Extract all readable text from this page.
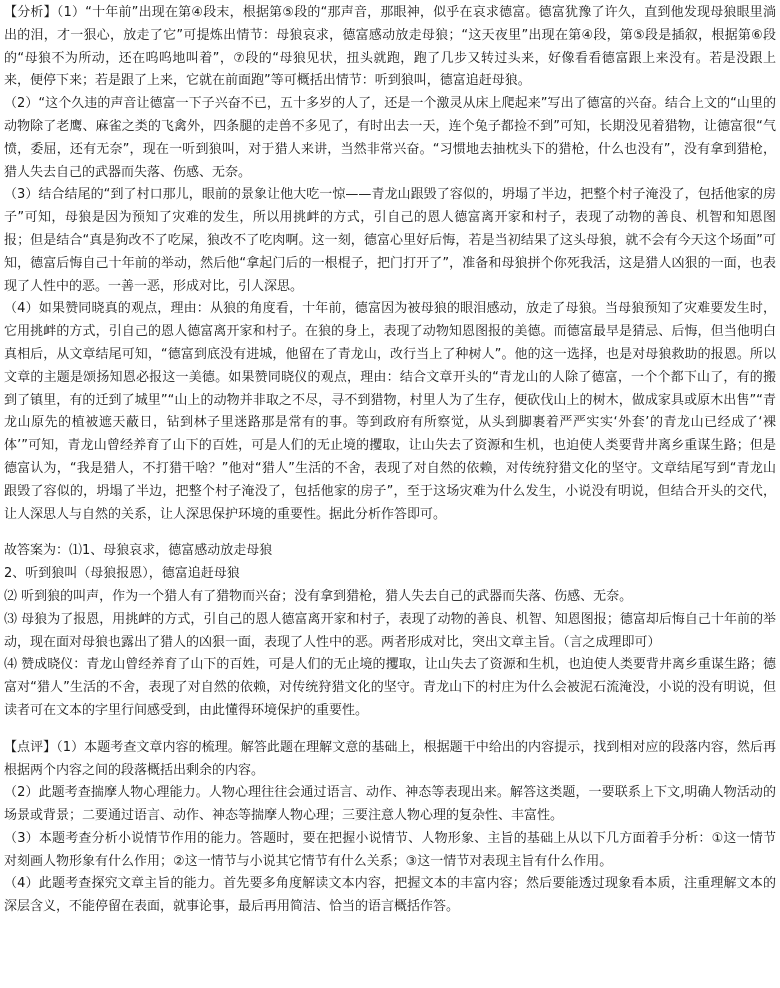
【分析】（1）“十年前”出现在第④段末，根据第⑤段的“那声音，那眼神，似乎在哀求德富。德富犹豫了许久，直到他发现母狼眼里淌出的泪，才一狠心，放走了它”可提炼出情节：母狼哀求，德富感动放走母狼；“这天夜里”出现在第④段，第⑤段是插叙，根据第⑥段的“母狼不为所动，还在呜呜地叫着”，⑦段的“母狼见状，扭头就跑，跑了几步又转过头来，好像看看德富跟上来没有。若是没跟上来，便停下来；若是跟了上来，它就在前面跑”等可概括出情节：听到狼叫，德富追赶母狼。

（2）“这个久违的声音让德富一下子兴奋不已，五十多岁的人了，还是一个激灵从床上爬起来”写出了德富的兴奋。结合上文的“山里的动物除了老鹰、麻雀之类的飞禽外，四条腿的走兽不多见了，有时出去一天，连个兔子都捡不到”可知，长期没见着猎物，让德富很“气愤，委屈，还有无奈”，现在一听到狼叫，对于猎人来讲，当然非常兴奋。“习惯地去抽枕头下的猎枪，什么也没有”，没有拿到猎枪，猎人失去自己的武器而失落、伤感、无奈。

（3）结合结尾的“到了村口那儿，眼前的景象让他大吃一惊——青龙山跟毁了容似的，坍塌了半边，把整个村子淹没了，包括他家的房子”可知，母狼是因为预知了灾难的发生，所以用挑衅的方式，引自己的恩人德富离开家和村子，表现了动物的善良、机智和知恩图报；但是结合“真是狗改不了吃屎，狼改不了吃肉啊。这一刻，德富心里好后悔，若是当初结果了这头母狼，就不会有今天这个场面”可知，德富后悔自己十年前的举动，然后他“拿起门后的一根棍子，把门打开了”，准备和母狼拼个你死我活，这是猎人凶狠的一面，也表现了人性中的恶。一善一恶，形成对比，引人深思。

（4）如果赞同晓真的观点，理由：从狼的角度看，十年前，德富因为被母狼的眼泪感动，放走了母狼。当母狼预知了灾难要发生时，它用挑衅的方式，引自己的恩人德富离开家和村子。在狼的身上，表现了动物知恩图报的美德。而德富最早是猜忌、后悔，但当他明白真相后，从文章结尾可知，“德富到底没有进城，他留在了青龙山，改行当上了种树人”。他的这一选择，也是对母狼救助的报恩。所以文章的主题是颂扬知恩必报这一美德。如果赞同晓仪的观点，理由：结合文章开头的“青龙山的人除了德富，一个个都下山了，有的搬到了镇里，有的迁到了城里”“山上的动物并非取之不尽，寻不到猎物，村里人为了生存，便砍伐山上的树木，做成家具或原木出售”“青龙山原先的植被遮天蔽日，钻到林子里迷路那是常有的事。等到政府有所察觉，从头到脚裹着严严实实‘外套’的青龙山已经成了‘裸体’”可知，青龙山曾经养育了山下的百姓，可是人们的无止境的攫取，让山失去了资源和生机，也迫使人类要背井离乡重谋生路；但是德富认为，“我是猎人，不打猎干啥？”他对“猎人”生活的不舍，表现了对自然的依赖，对传统狩猎文化的坚守。文章结尾写到“青龙山跟毁了容似的，坍塌了半边，把整个村子淹没了，包括他家的房子”，至于这场灾难为什么发生，小说没有明说，但结合开头的交代，让人深思人与自然的关系，让人深思保护环境的重要性。据此分析作答即可。

故答案为：⑴1、母狼哀求，德富感动放走母狼

2、听到狼叫（母狼报恩），德富追赶母狼

⑵ 听到狼的叫声，作为一个猎人有了猎物而兴奋；没有拿到猎枪，猎人失去自己的武器而失落、伤感、无奈。

⑶ 母狼为了报恩，用挑衅的方式，引自己的恩人德富离开家和村子，表现了动物的善良、机智、知恩图报；德富却后悔自己十年前的举动，现在面对母狼也露出了猎人的凶狠一面，表现了人性中的恶。两者形成对比，突出文章主旨。（言之成理即可）

⑷ 赞成晓仪：青龙山曾经养育了山下的百姓，可是人们的无止境的攫取，让山失去了资源和生机，也迫使人类要背井离乡重谋生路；德富对“猎人”生活的不舍，表现了对自然的依赖，对传统狩猎文化的坚守。青龙山下的村庄为什么会被泥石流淹没，小说的没有明说，但读者可在文本的字里行间感受到，由此懂得环境保护的重要性。

【点评】（1）本题考查文章内容的梳理。解答此题在理解文意的基础上，根据题干中给出的内容提示，找到相对应的段落内容，然后再根据两个内容之间的段落概括出剩余的内容。

（2）此题考查揣摩人物心理能力。人物心理往往会通过语言、动作、神态等表现出来。解答这类题，一要联系上下文,明确人物活动的场景或背景；二要通过语言、动作、神态等揣摩人物心理；三要注意人物心理的复杂性、丰富性。

（3）本题考查分析小说情节作用的能力。答题时，要在把握小说情节、人物形象、主旨的基础上从以下几方面着手分析：①这一情节对刻画人物形象有什么作用；②这一情节与小说其它情节有什么关系；③这一情节对表现主旨有什么作用。

（4）此题考查探究文章主旨的能力。首先要多角度解读文本内容，把握文本的丰富内容；然后要能透过现象看本质，注重理解文本的深层含义，不能停留在表面，就事论事，最后再用简洁、恰当的语言概括作答。
